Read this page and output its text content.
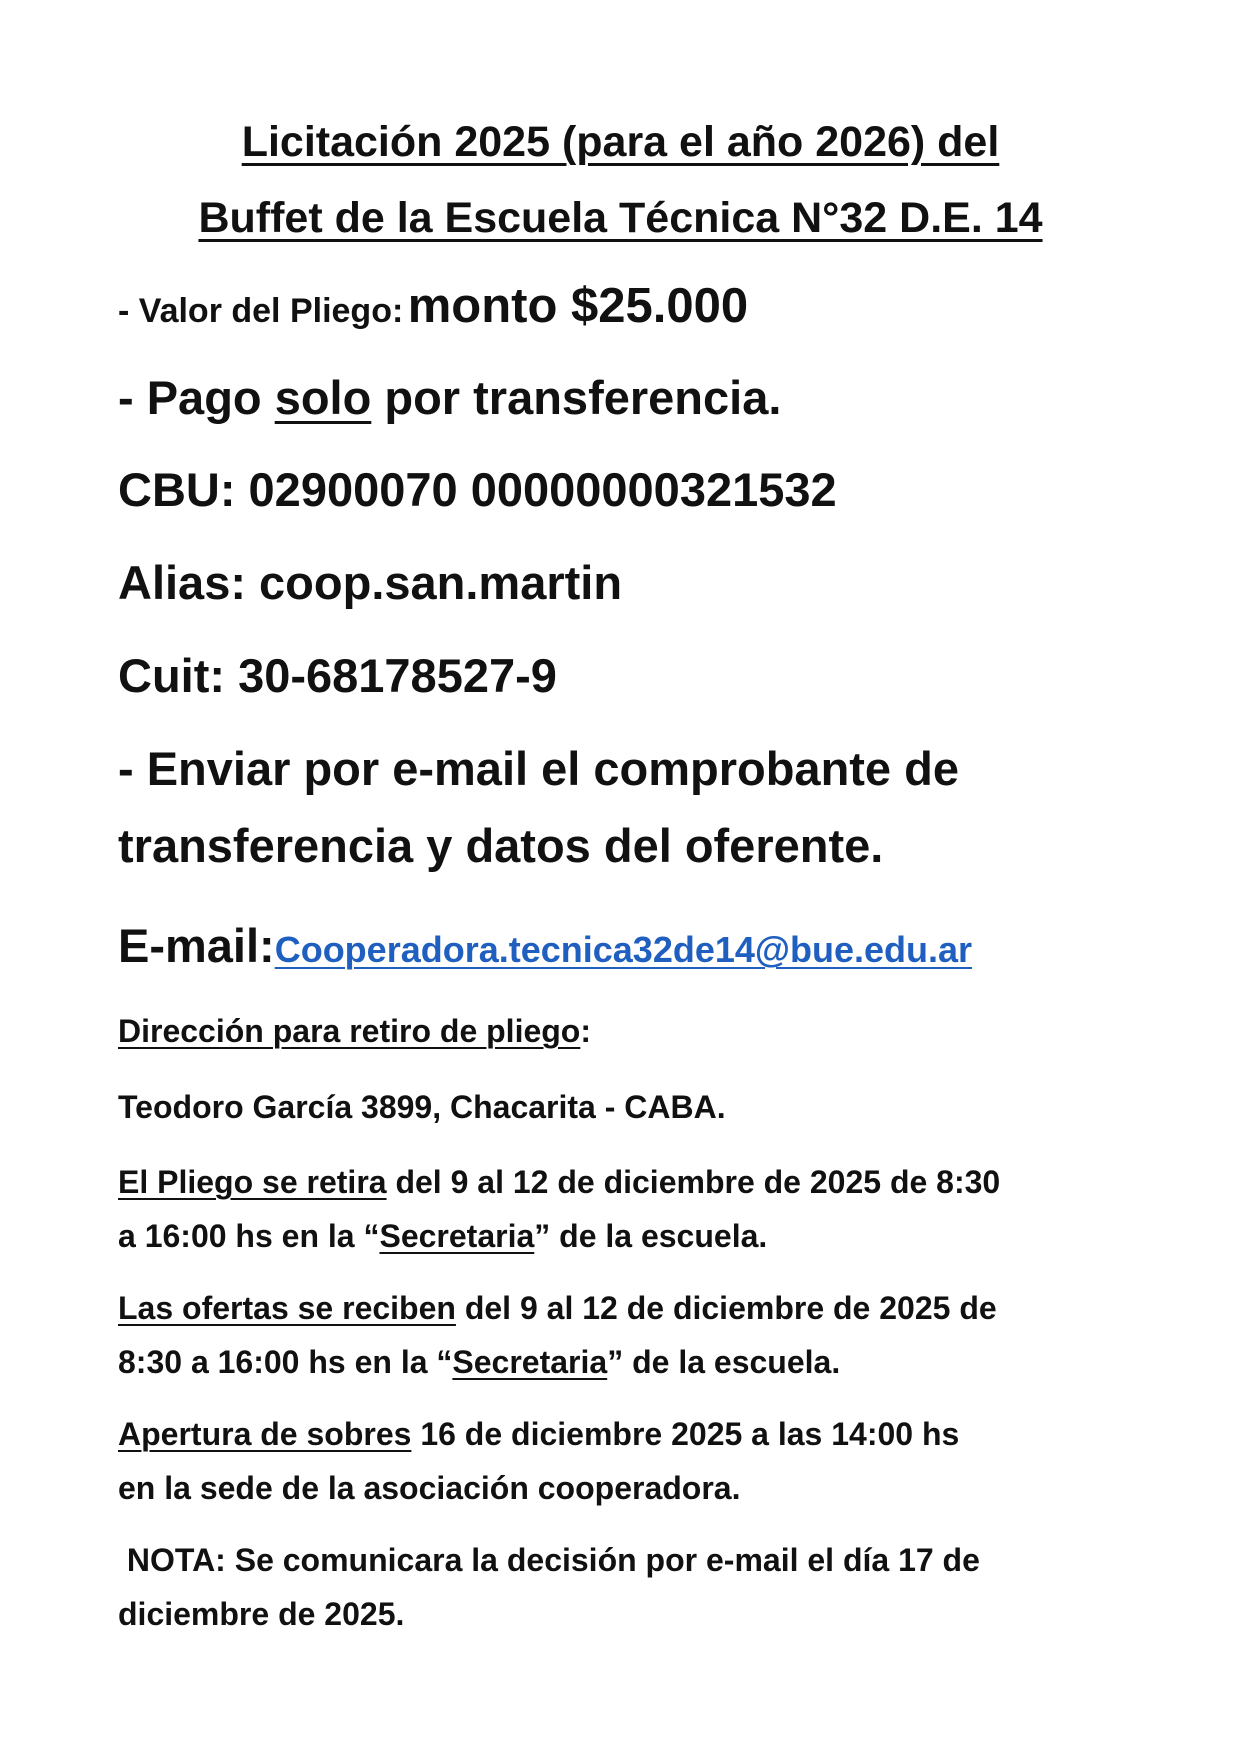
Licitación 2025 (para el año 2026) del
Buffet de la Escuela Técnica N°32 D.E. 14
- Valor del Pliego: monto $25.000
- Pago solo por transferencia.
CBU: 02900070 00000000321532
Alias: coop.san.martin
Cuit: 30-68178527-9
- Enviar por e-mail el comprobante de
transferencia y datos del oferente.
E-mail:Cooperadora.tecnica32de14@bue.edu.ar
Dirección para retiro de pliego:
Teodoro García 3899, Chacarita - CABA.
El Pliego se retira del 9 al 12 de diciembre de 2025 de 8:30
a 16:00 hs en la “Secretaria” de la escuela.
Las ofertas se reciben del 9 al 12 de diciembre de 2025 de
8:30 a 16:00 hs en la “Secretaria” de la escuela.
Apertura de sobres 16 de diciembre 2025 a las 14:00 hs
en la sede de la asociación cooperadora.
NOTA: Se comunicara la decisión por e-mail el día 17 de
diciembre de 2025.
